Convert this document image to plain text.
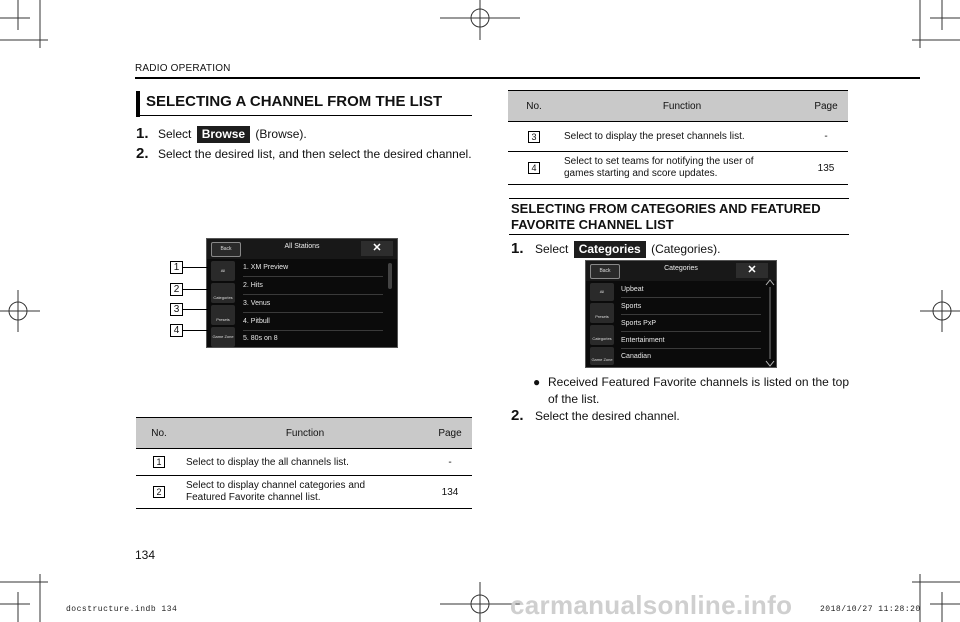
RADIO OPERATION
SELECTING A CHANNEL FROM THE LIST
1. Select Browse (Browse).
2. Select the desired list, and then select the desired channel.
Back	All Stations	✕
All
Categories
Presets
Game Zone
1. XM Preview
2. Hits
3. Venus
4. Pitbull
5. 80s on 8
1
2
3
4
No.	Function	Page
1	Select to display the all channels list.	-
2	Select to display channel categories and Featured Favorite channel list.	134
No.	Function	Page
3	Select to display the preset channels list.	-
4	Select to set teams for notifying the user of games starting and score updates.	135
SELECTING FROM CATEGORIES AND FEATURED FAVORITE CHANNEL LIST
1. Select Categories (Categories).
Back	Categories	✕
All
Presets
Categories
Game Zone
Upbeat
Sports
Sports PxP
Entertainment
Canadian
● Received Featured Favorite channels is listed on the top of the list.
2. Select the desired channel.
134
carmanualsonline.info
docstructure.indb 134	2018/10/27 11:28:20
